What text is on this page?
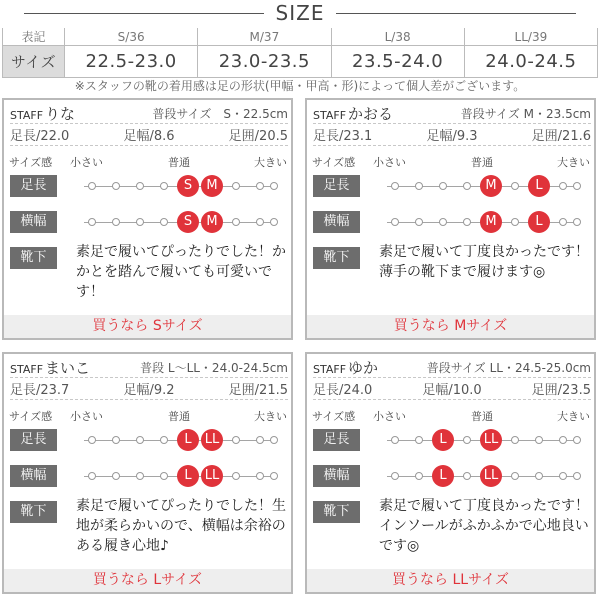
SIZE
表記	S/36	M/37	L/38	LL/39
サイズ	22.5-23.0	23.0-23.5	23.5-24.0	24.0-24.5
※スタッフの靴の着用感は足の形状(甲幅・甲高・形)によって個人差がございます。
STAFF りな	普段サイズ　S・22.5cm
足長/22.0	足幅/8.6	足囲/20.5
サイズ感 小さい	普通	大きい
足長	S	M
横幅	S	M
靴下	素足で履いてぴったりでした！かかとを踏んで履いても可愛いです！
買うなら Sサイズ
STAFF かおる	普段サイズ M・23.5cm
足長/23.1	足幅/9.3	足囲/21.6
サイズ感 小さい	普通	大きい
足長	M	L
横幅	M	L
靴下	素足で履いて丁度良かったです！薄手の靴下まで履けます◎
買うなら Mサイズ
STAFF まいこ	普段 L～LL・24.0-24.5cm
足長/23.7	足幅/9.2	足囲/21.5
サイズ感 小さい	普通	大きい
足長	L	LL
横幅	L	LL
靴下	素足で履いてぴったりでした！生地が柔らかいので、横幅は余裕のある履き心地♪
買うなら Lサイズ
STAFF ゆか	普段サイズ LL・24.5-25.0cm
足長/24.0	足幅/10.0	足囲/23.5
サイズ感 小さい	普通	大きい
足長	L	LL
横幅	L	LL
靴下	素足で履いて丁度良かったです！インソールがふかふかで心地良いです◎
買うなら LLサイズ
